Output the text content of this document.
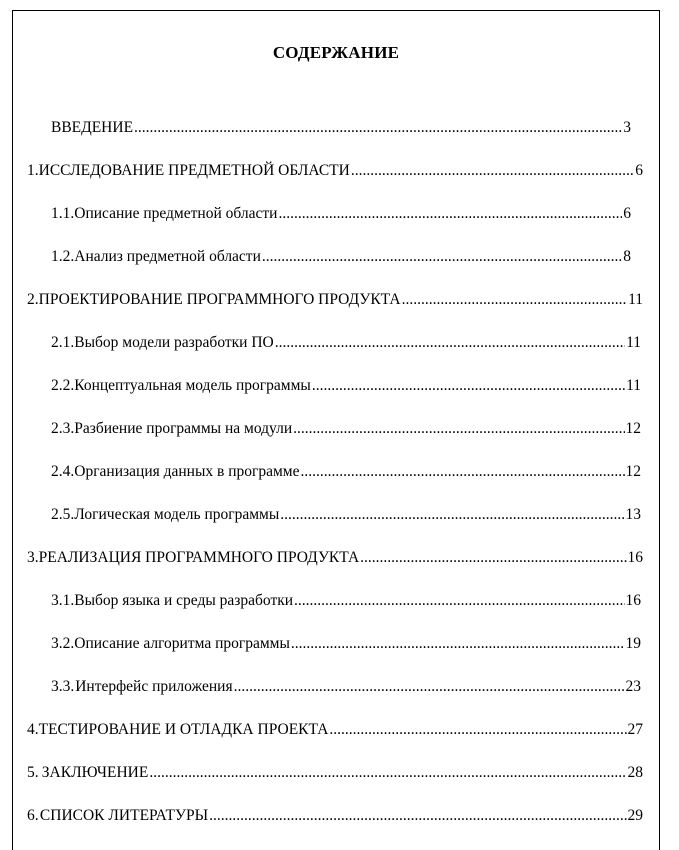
СОДЕРЖАНИЕ
ВВЕДЕНИЕ .....	3
1. ИССЛЕДОВАНИЕ ПРЕДМЕТНОЙ ОБЛАСТИ .....	6
1.1. Описание предметной области .....	6
1.2. Анализ предметной области .....	8
2. ПРОЕКТИРОВАНИЕ ПРОГРАММНОГО ПРОДУКТА .....	11
2.1. Выбор модели разработки ПО .....	11
2.2. Концептуальная модель программы .....	11
2.3. Разбиение программы на модули .....	12
2.4. Организация данных в программе .....	12
2.5. Логическая модель программы .....	13
3. РЕАЛИЗАЦИЯ ПРОГРАММНОГО ПРОДУКТА .....	16
3.1. Выбор языка и среды разработки .....	16
3.2. Описание алгоритма программы .....	19
3.3. Интерфейс приложения .....	23
4. ТЕСТИРОВАНИЕ И ОТЛАДКА ПРОЕКТА .....	27
5. ЗАКЛЮЧЕНИЕ .....	28
6. СПИСОК ЛИТЕРАТУРЫ .....	29
